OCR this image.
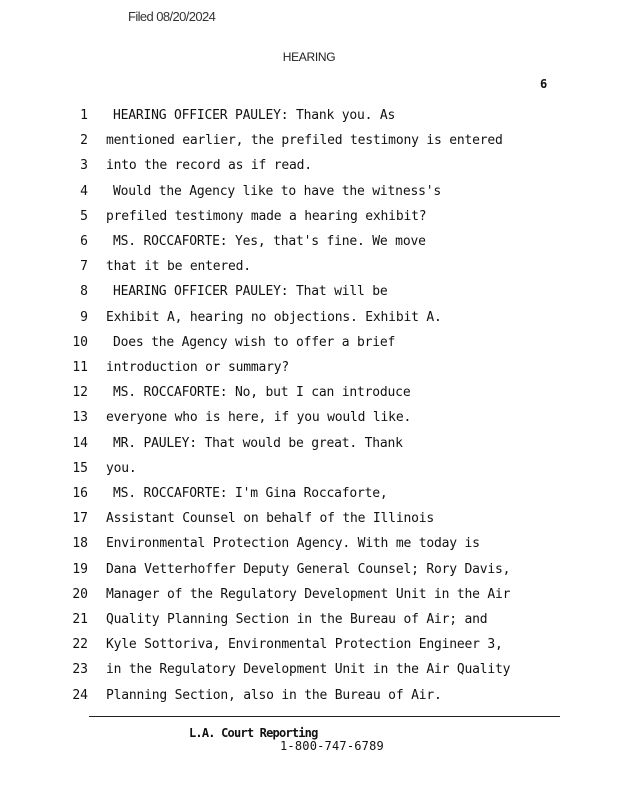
Filed 08/20/2024
HEARING
6
1 HEARING OFFICER PAULEY: Thank you. As
2 mentioned earlier, the prefiled testimony is entered
3 into the record as if read.
4 Would the Agency like to have the witness's
5 prefiled testimony made a hearing exhibit?
6 MS. ROCCAFORTE: Yes, that's fine. We move
7 that it be entered.
8 HEARING OFFICER PAULEY: That will be
9 Exhibit A, hearing no objections. Exhibit A.
10 Does the Agency wish to offer a brief
11 introduction or summary?
12 MS. ROCCAFORTE: No, but I can introduce
13 everyone who is here, if you would like.
14 MR. PAULEY: That would be great. Thank
15 you.
16 MS. ROCCAFORTE: I'm Gina Roccaforte,
17 Assistant Counsel on behalf of the Illinois
18 Environmental Protection Agency. With me today is
19 Dana Vetterhoffer Deputy General Counsel; Rory Davis,
20 Manager of the Regulatory Development Unit in the Air
21 Quality Planning Section in the Bureau of Air; and
22 Kyle Sottoriva, Environmental Protection Engineer 3,
23 in the Regulatory Development Unit in the Air Quality
24 Planning Section, also in the Bureau of Air.
L.A. Court Reporting
1-800-747-6789
